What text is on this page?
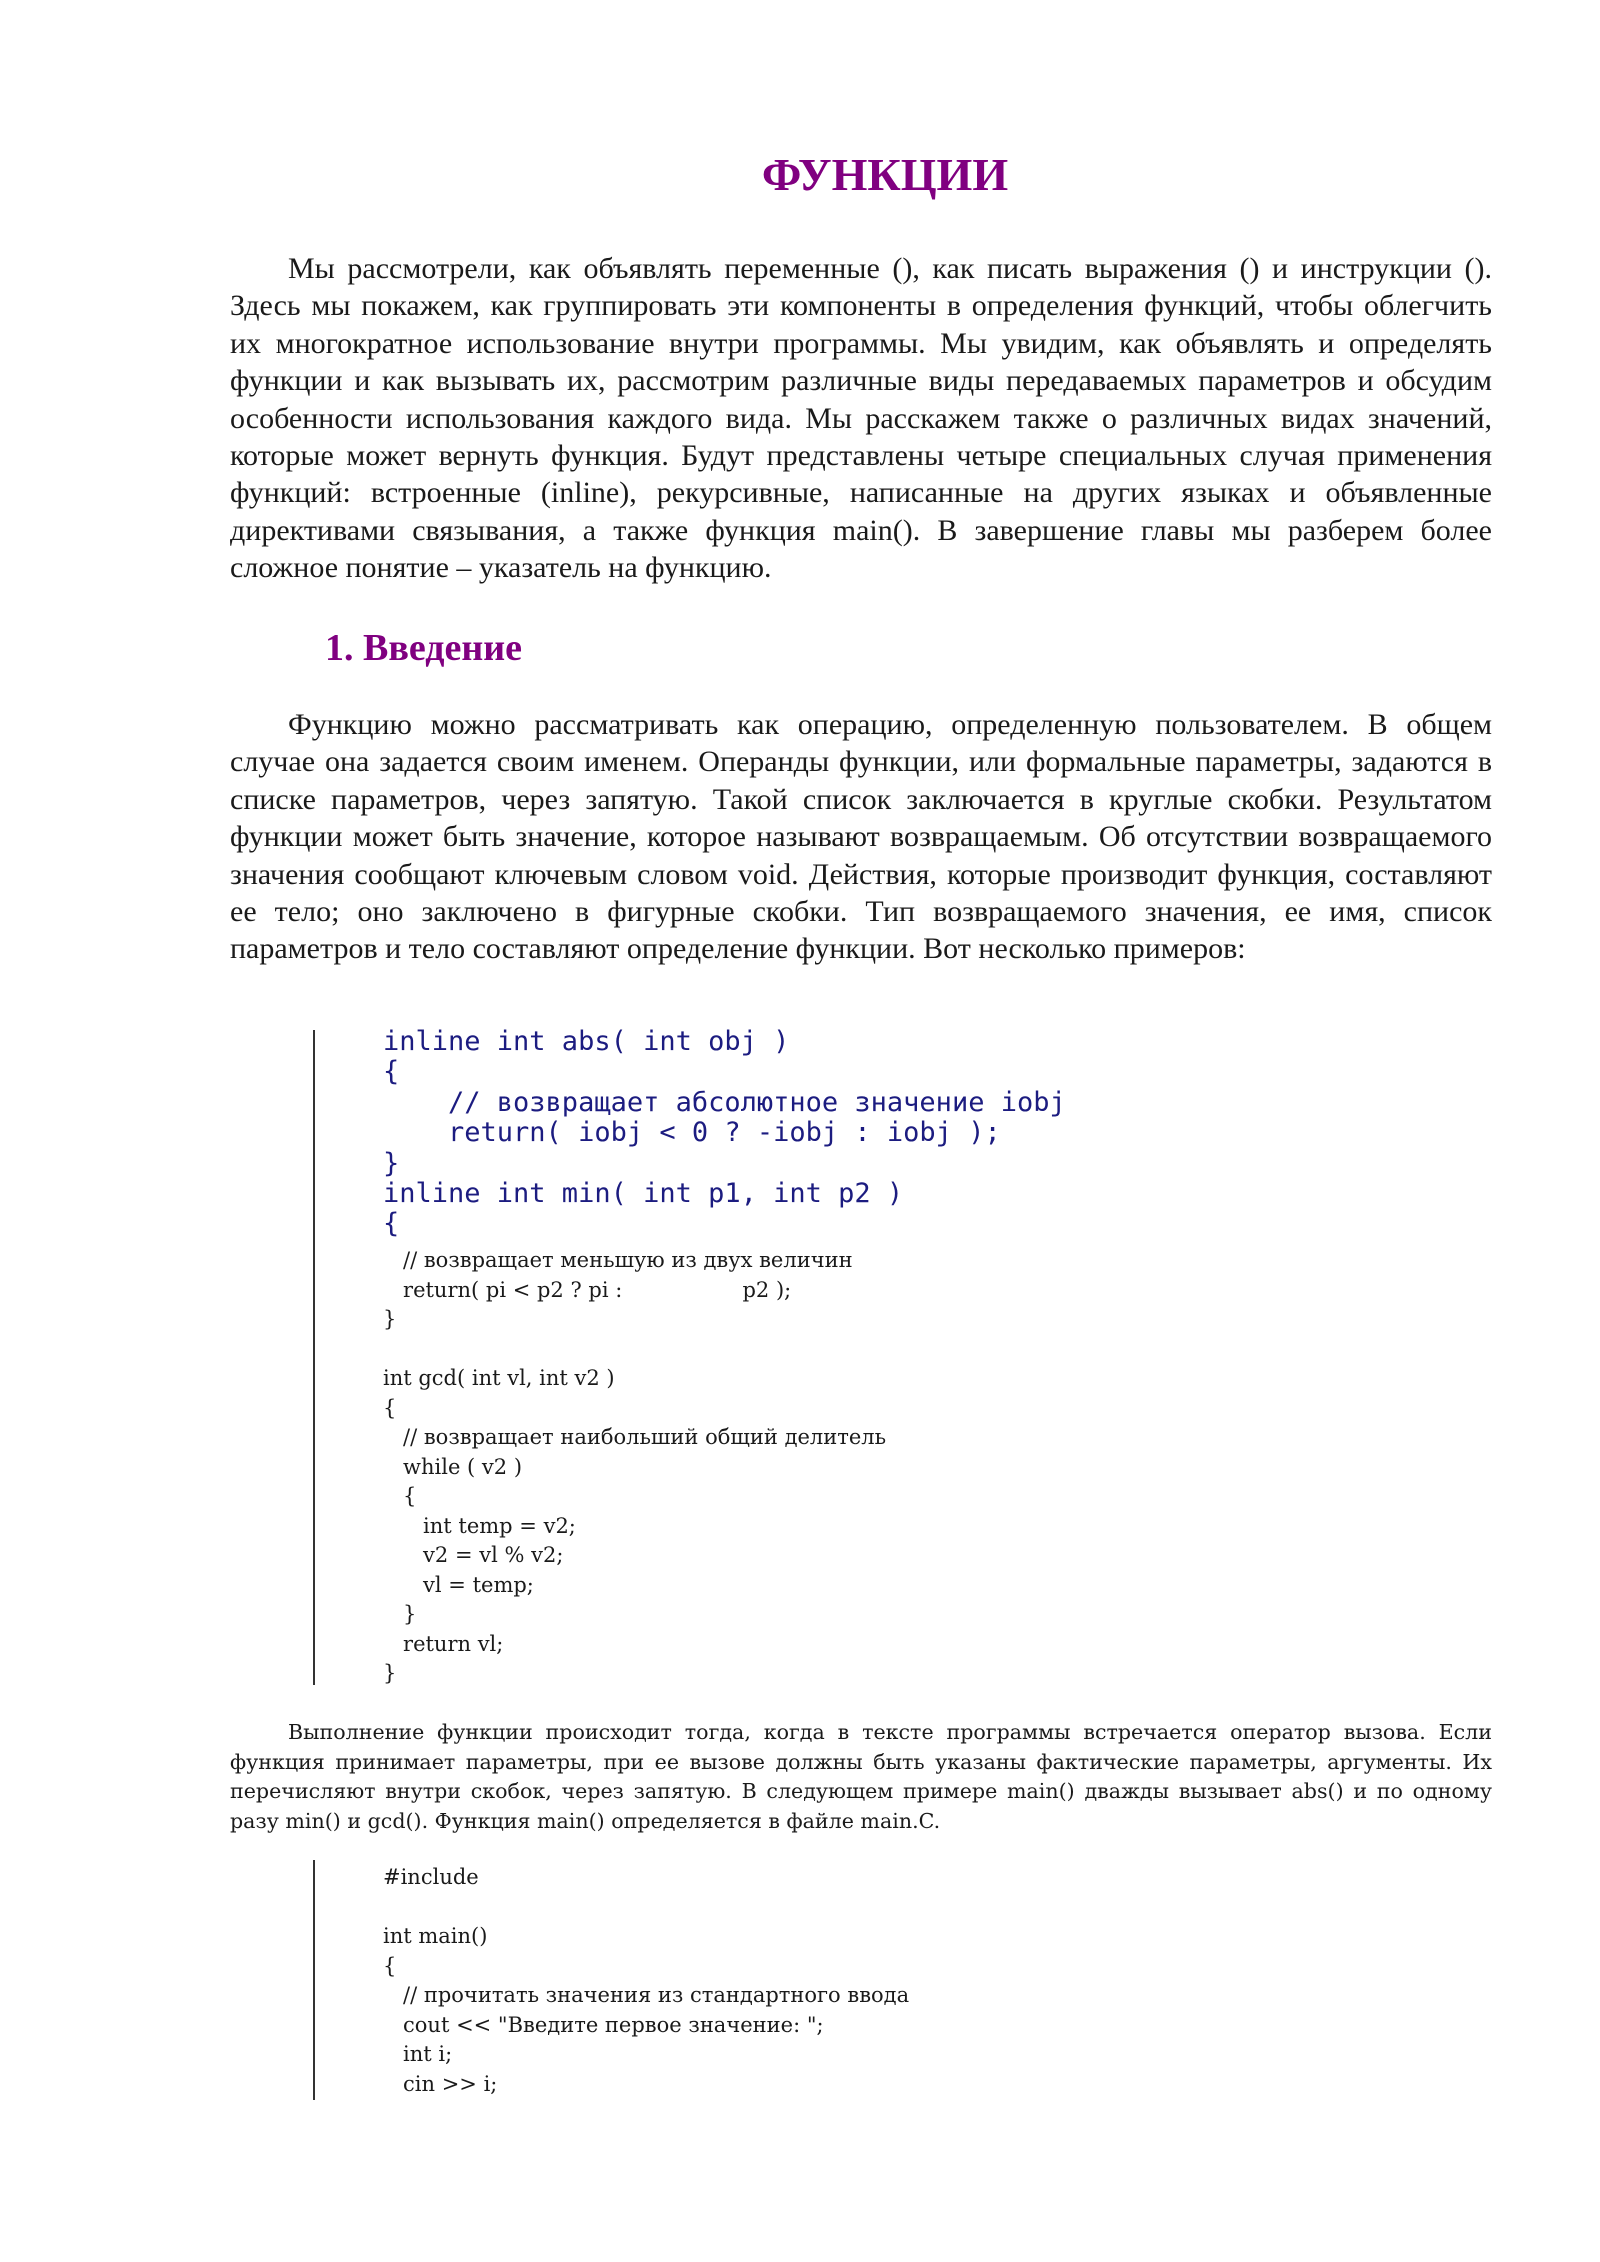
ФУНКЦИИ

Мы рассмотрели, как объявлять переменные (), как писать выражения () и инструкции (). Здесь мы покажем, как группировать эти компоненты в определения функций, чтобы облегчить их многократное использование внутри программы. Мы увидим, как объявлять и определять функции и как вызывать их, рассмотрим различные виды передаваемых параметров и обсудим особенности использования каждого вида. Мы расскажем также о различных видах значений, которые может вернуть функция. Будут представлены четыре специальных случая применения функций: встроенные (inline), рекурсивные, написанные на других языках и объявленные директивами связывания, а также функция main(). В завершение главы мы разберем более сложное понятие – указатель на функцию.

1. Введение

Функцию можно рассматривать как операцию, определенную пользователем. В общем случае она задается своим именем. Операнды функции, или формальные параметры, задаются в списке параметров, через запятую. Такой список заключается в круглые скобки. Результатом функции может быть значение, которое называют возвращаемым. Об отсутствии возвращаемого значения сообщают ключевым словом void. Действия, которые производит функция, составляют ее тело; оно заключено в фигурные скобки. Тип возвращаемого значения, ее имя, список параметров и тело составляют определение функции. Вот несколько примеров:

inline int abs( int obj )
{
// возвращает абсолютное значение iobj
return( iobj < 0 ? -iobj : iobj );
}
inline int min( int p1, int p2 )
{
// возвращает меньшую из двух величин
return( pi < p2 ? pi :                  p2 );
}

int gcd( int vl, int v2 )
{
// возвращает наибольший общий делитель
while ( v2 )
{
int temp = v2;
v2 = vl % v2;
vl = temp;
}
return vl;
}

Выполнение функции происходит тогда, когда в тексте программы встречается оператор вызова. Если функция принимает параметры, при ее вызове должны быть указаны фактические параметры, аргументы. Их перечисляют внутри скобок, через запятую. В следующем примере main() дважды вызывает abs() и по одному разу min() и gcd(). Функция main() определяется в файле main.C.

#include

int main()
{
// прочитать значения из стандартного ввода
cout << "Введите первое значение: ";
int i;
cin >> i;
